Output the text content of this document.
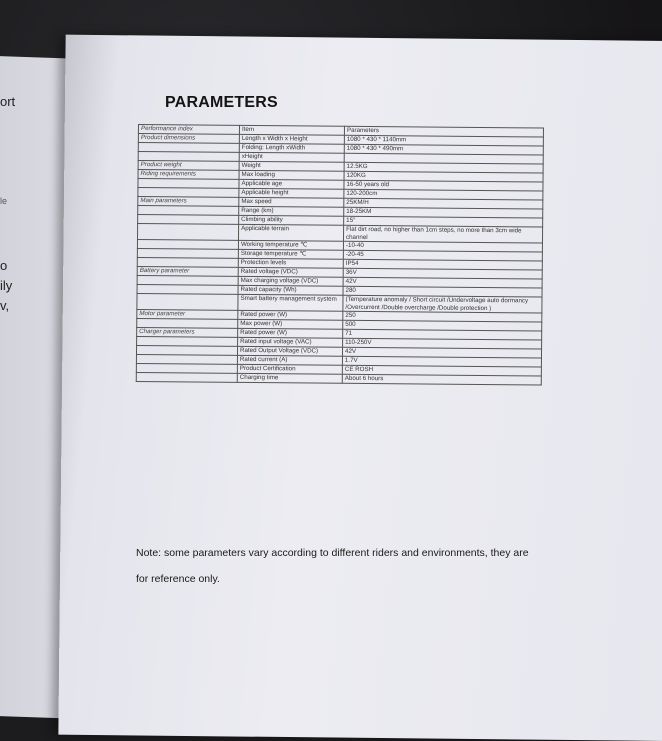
ort
le
o
ily
v,
PARAMETERS
Performance index	Item	Parameters
Product dimensions	Length x Width x Height	1080 * 430 * 1140mm
	Folding: Length xWidth	1080 * 430 * 490mm
	xHeight	
Product weight	Weight	12.5KG
Riding requirements	Max loading	120KG
	Applicable age	16-50 years old
	Applicable height	120-200cm
Main parameters	Max speed	25KM/H
	Range (km)	18-25KM
	Climbing ability	15°
	Applicable terrain	Flat dirt road, no higher than 1cm steps, no more than 3cm wide channel
	Working temperature ℃	-10-40
	Storage temperature ℃	-20-45
	Protection levels	IP54
Battery parameter	Rated voltage (VDC)	36V
	Max charging voltage (VDC)	42V
	Rated capacity (Wh)	280
	Smart battery management system	(Temperature anomaly / Short circuit /Undervoltage auto dormancy /Overcurrent /Double overcharge /Double protection )
Motor parameter	Rated power (W)	250
	Max power (W)	500
Charger parameters	Rated power (W)	71
	Rated input voltage (VAC)	110-250V
	Rated Output Voltage (VDC)	42V
	Rated current (A)	1.7V
	Product Certification	CE ROSH
	Charging time	About 6 hours
Note: some parameters vary according to different riders and environments, they are
for reference only.
